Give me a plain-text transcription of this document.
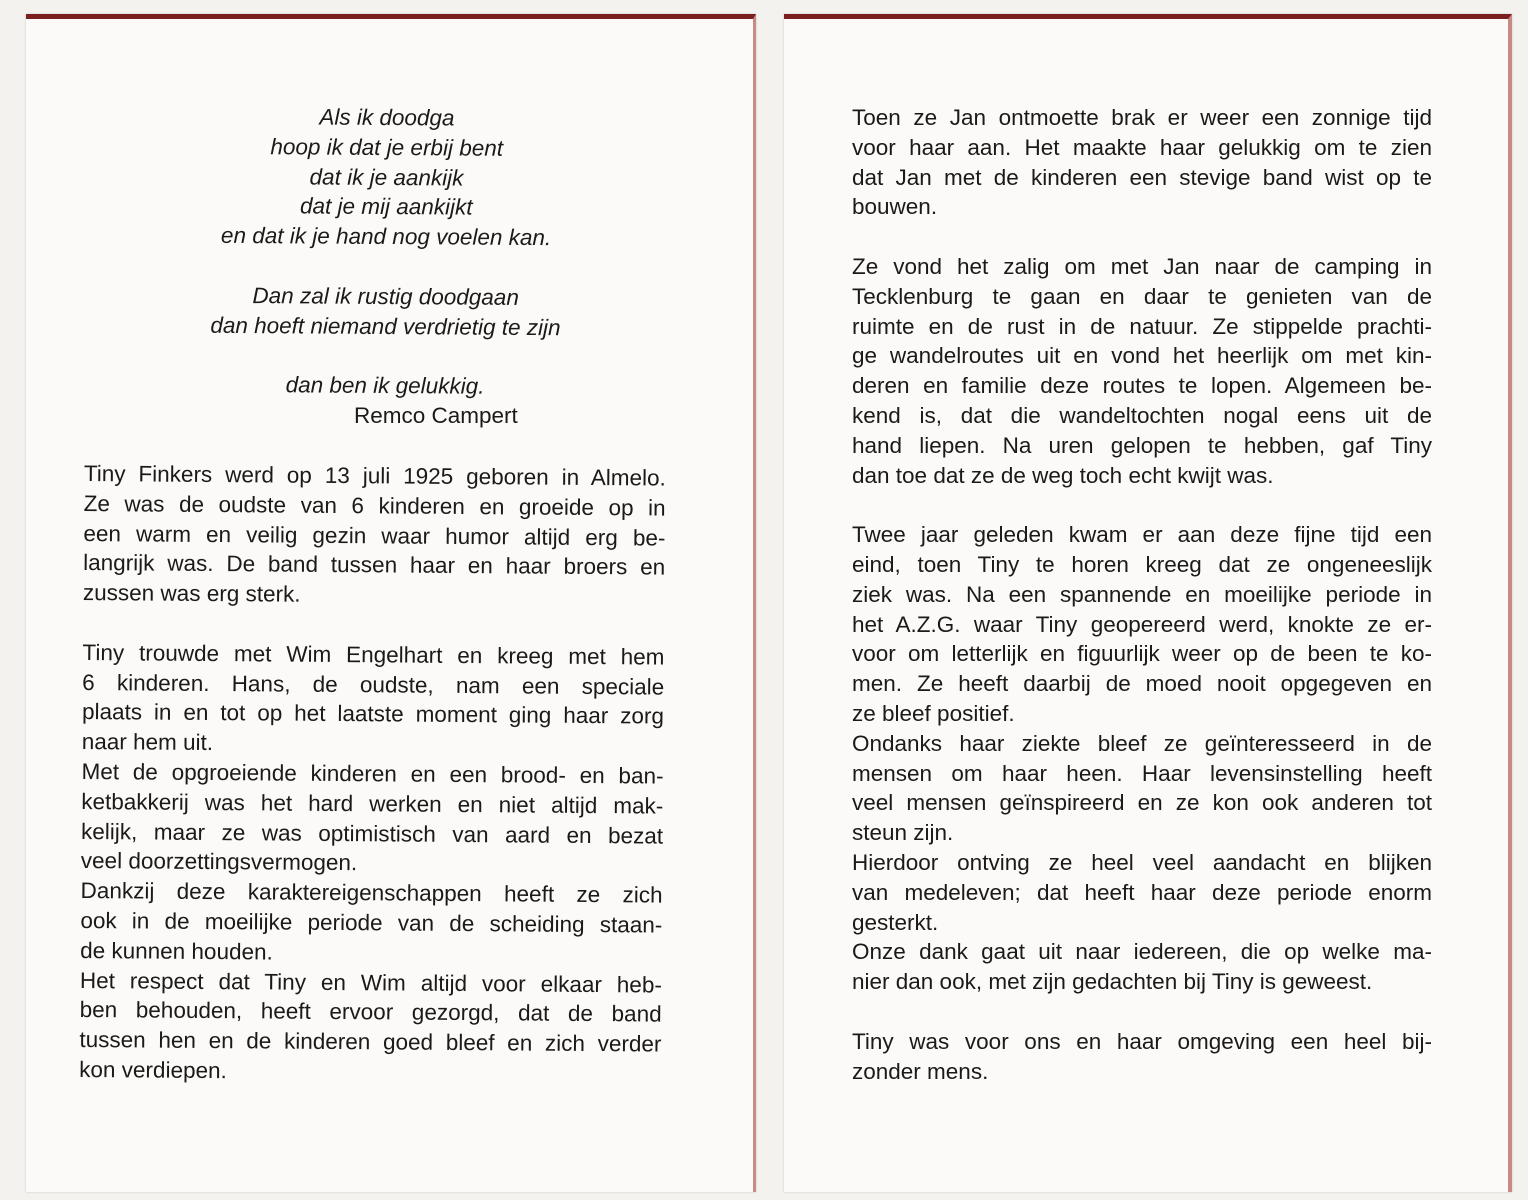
Als ik doodga
hoop ik dat je erbij bent
dat ik je aankijk
dat je mij aankijkt
en dat ik je hand nog voelen kan.
Dan zal ik rustig doodgaan
dan hoeft niemand verdrietig te zijn
dan ben ik gelukkig.
Remco Campert
Tiny Finkers werd op 13 juli 1925 geboren in Almelo.
Ze was de oudste van 6 kinderen en groeide op in
een warm en veilig gezin waar humor altijd erg be-
langrijk was. De band tussen haar en haar broers en
zussen was erg sterk.
Tiny trouwde met Wim Engelhart en kreeg met hem
6 kinderen. Hans, de oudste, nam een speciale
plaats in en tot op het laatste moment ging haar zorg
naar hem uit.
Met de opgroeiende kinderen en een brood- en ban-
ketbakkerij was het hard werken en niet altijd mak-
kelijk, maar ze was optimistisch van aard en bezat
veel doorzettingsvermogen.
Dankzij deze karaktereigenschappen heeft ze zich
ook in de moeilijke periode van de scheiding staan-
de kunnen houden.
Het respect dat Tiny en Wim altijd voor elkaar heb-
ben behouden, heeft ervoor gezorgd, dat de band
tussen hen en de kinderen goed bleef en zich verder
kon verdiepen.
Toen ze Jan ontmoette brak er weer een zonnige tijd
voor haar aan. Het maakte haar gelukkig om te zien
dat Jan met de kinderen een stevige band wist op te
bouwen.
Ze vond het zalig om met Jan naar de camping in
Tecklenburg te gaan en daar te genieten van de
ruimte en de rust in de natuur. Ze stippelde prachti-
ge wandelroutes uit en vond het heerlijk om met kin-
deren en familie deze routes te lopen. Algemeen be-
kend is, dat die wandeltochten nogal eens uit de
hand liepen. Na uren gelopen te hebben, gaf Tiny
dan toe dat ze de weg toch echt kwijt was.
Twee jaar geleden kwam er aan deze fijne tijd een
eind, toen Tiny te horen kreeg dat ze ongeneeslijk
ziek was. Na een spannende en moeilijke periode in
het A.Z.G. waar Tiny geopereerd werd, knokte ze er-
voor om letterlijk en figuurlijk weer op de been te ko-
men. Ze heeft daarbij de moed nooit opgegeven en
ze bleef positief.
Ondanks haar ziekte bleef ze geïnteresseerd in de
mensen om haar heen. Haar levensinstelling heeft
veel mensen geïnspireerd en ze kon ook anderen tot
steun zijn.
Hierdoor ontving ze heel veel aandacht en blijken
van medeleven; dat heeft haar deze periode enorm
gesterkt.
Onze dank gaat uit naar iedereen, die op welke ma-
nier dan ook, met zijn gedachten bij Tiny is geweest.
Tiny was voor ons en haar omgeving een heel bij-
zonder mens.
